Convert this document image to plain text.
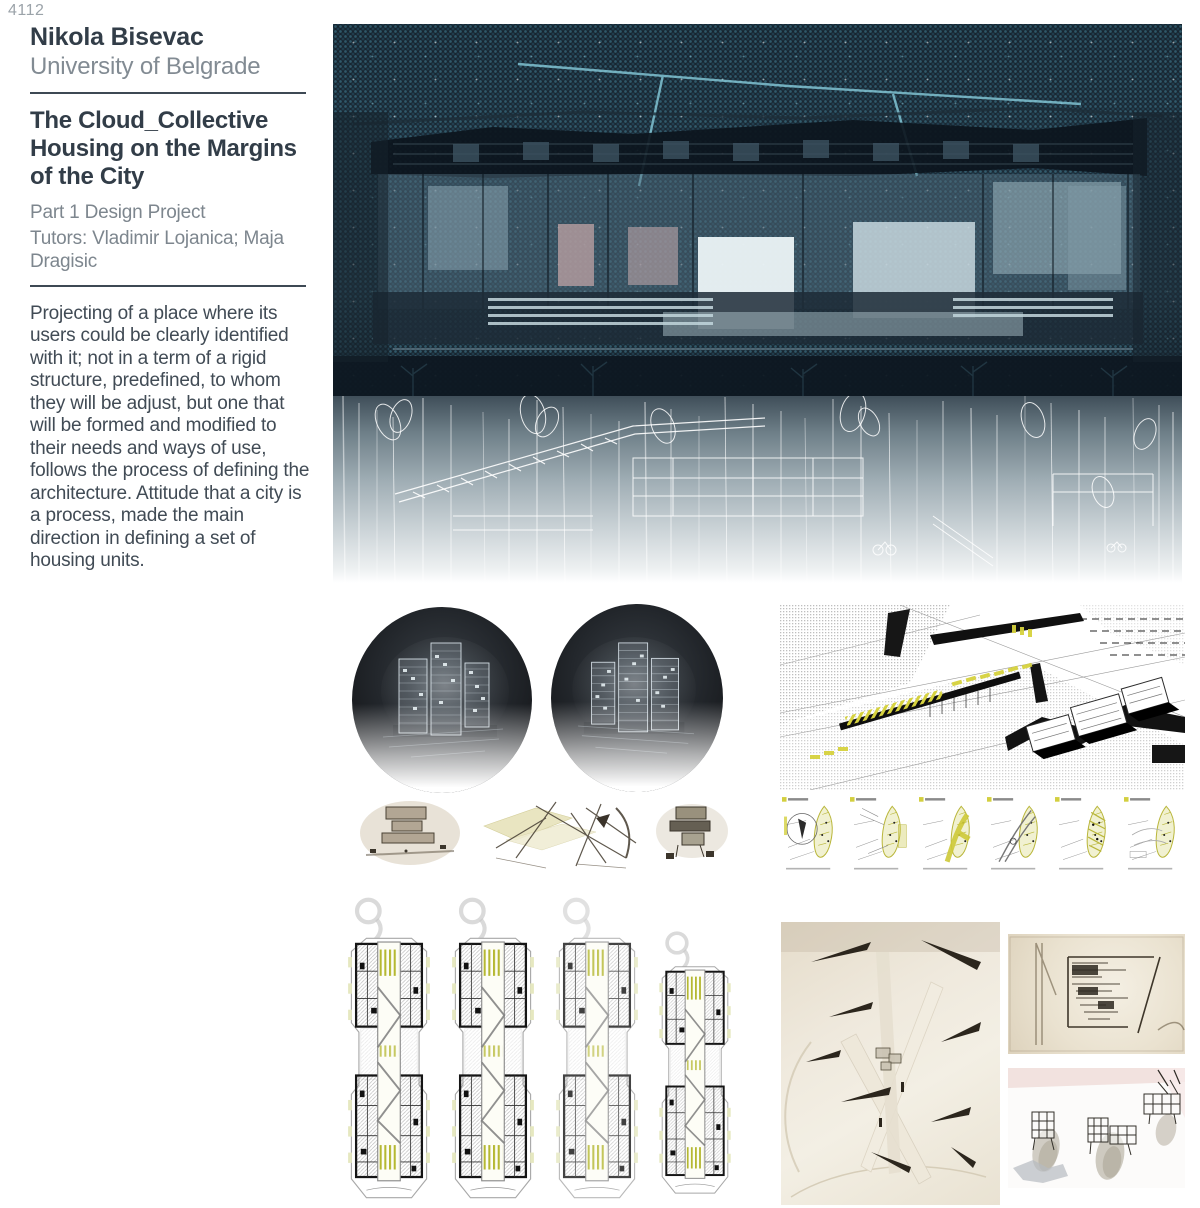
4112
Nikola Bisevac
University of Belgrade
The Cloud_Collective Housing on the Margins of the City
Part 1 Design Project
Tutors: Vladimir Lojanica; Maja Dragisic

Projecting of a place where its users could be clearly identified with it; not in a term of a rigid structure, predefined, to whom they will be adjust, but one that will be formed and modified to their needs and ways of use, follows the process of defining the architecture. Attitude that a city is a process, made the main direction in defining a set of housing units.
